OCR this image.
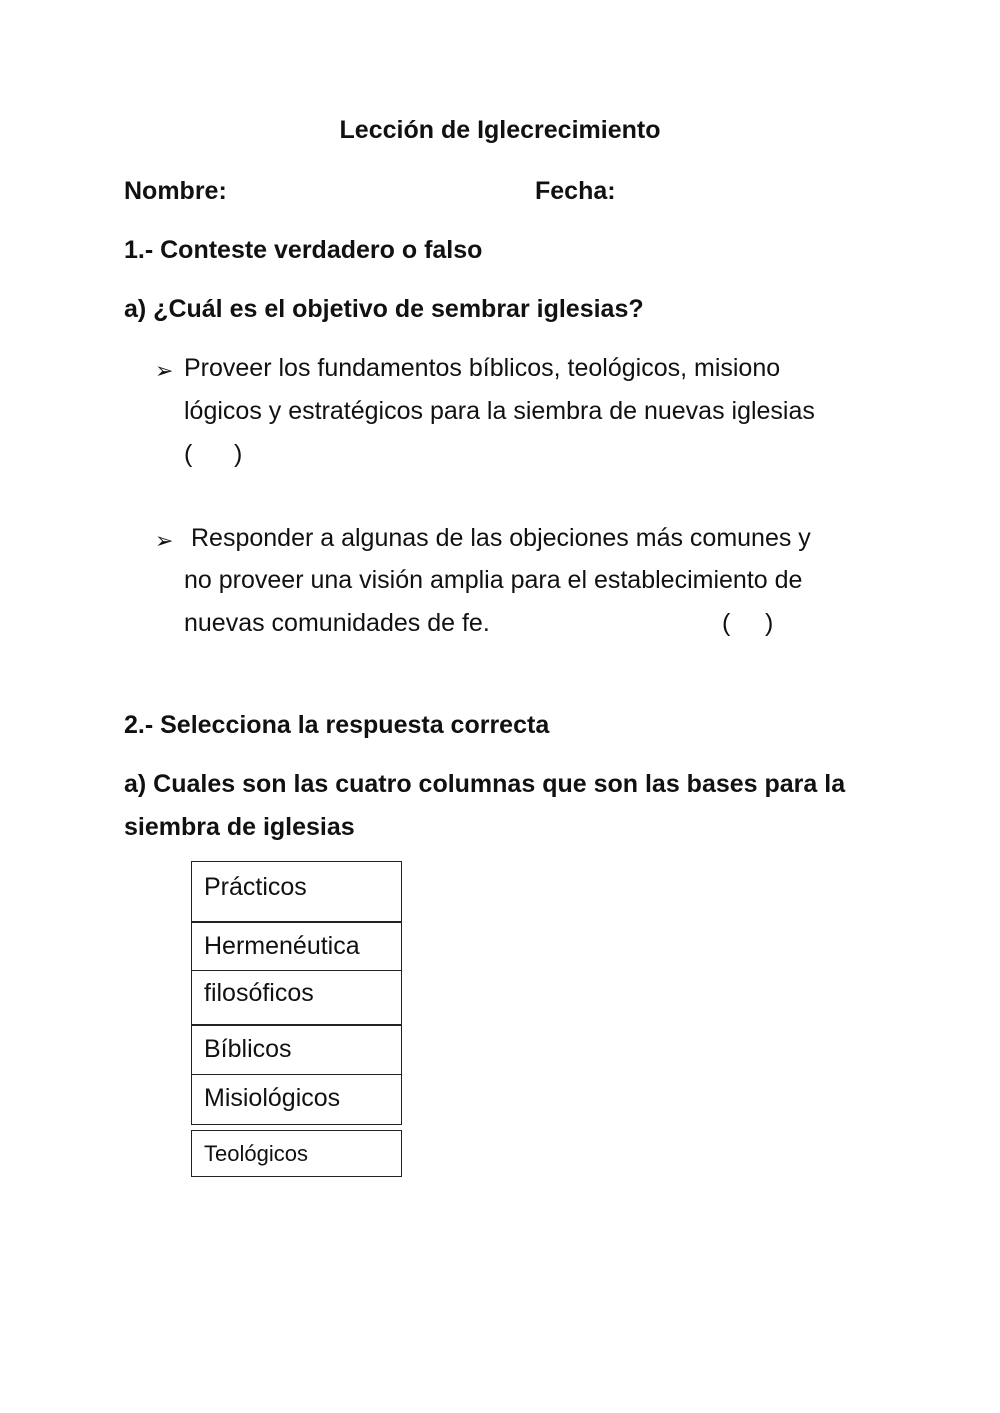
Lección de Iglecrecimiento
Nombre:	Fecha:
1.- Conteste verdadero o falso
a) ¿Cuál es el objetivo de sembrar iglesias?
➢ Proveer los fundamentos bíblicos, teológicos, misiono
lógicos y estratégicos para la siembra de nuevas iglesias
(      )
➢ Responder a algunas de las objeciones más comunes y
no proveer una visión amplia para el establecimiento de
nuevas comunidades de fe.	(     )
2.- Selecciona la respuesta correcta
a) Cuales son las cuatro columnas que son las bases para la
siembra de iglesias
Prácticos
Hermenéutica
filosóficos
Bíblicos
Misiológicos
Teológicos
